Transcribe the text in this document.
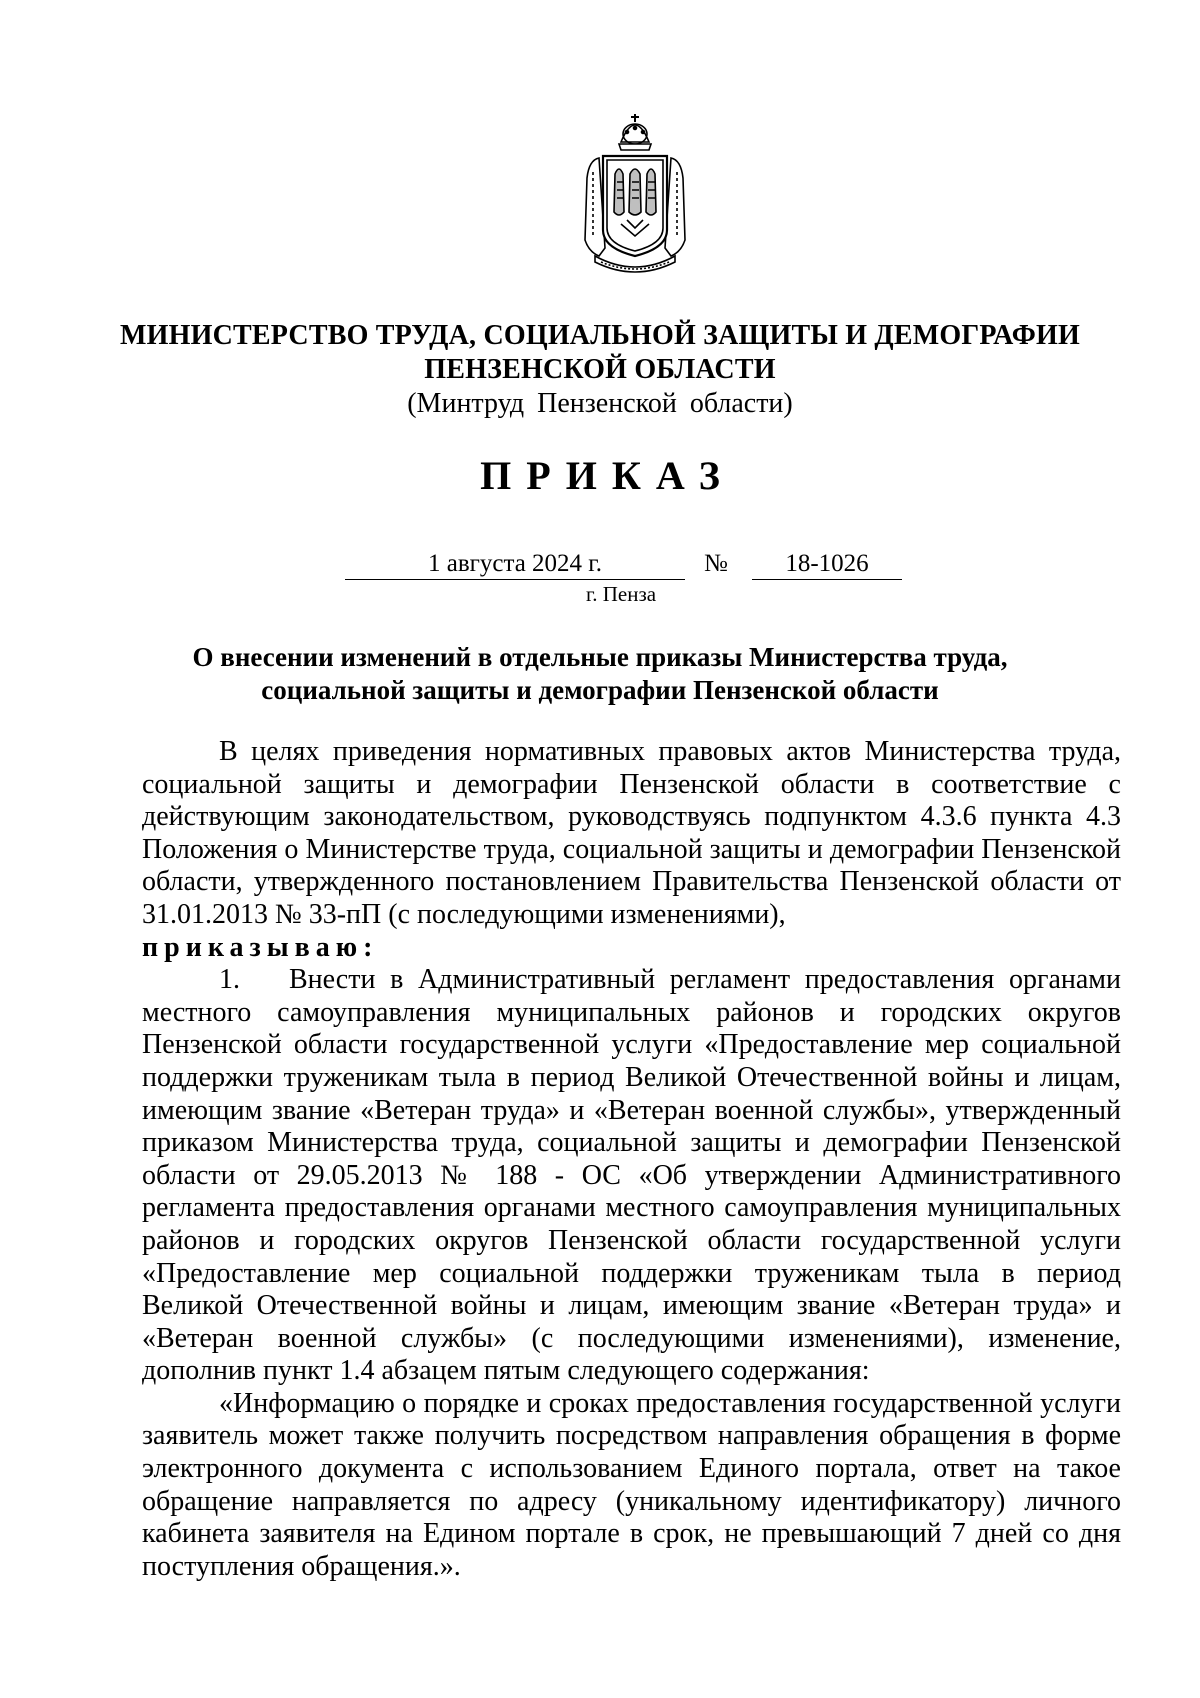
МИНИСТЕРСТВО ТРУДА, СОЦИАЛЬНОЙ ЗАЩИТЫ И ДЕМОГРАФИИ
ПЕНЗЕНСКОЙ ОБЛАСТИ
(Минтруд Пензенской области)
ПРИКАЗ
1 августа 2024 г.	№	18-1026
г. Пенза
О внесении изменений в отдельные приказы Министерства труда,
социальной защиты и демографии Пензенской области

В целях приведения нормативных правовых актов Министерства труда, социальной защиты и демографии Пензенской области в соответствие с действующим законодательством, руководствуясь подпунктом 4.3.6 пункта 4.3 Положения о Министерстве труда, социальной защиты и демографии Пензенской области, утвержденного постановлением Правительства Пензенской области от 31.01.2013 № 33-пП (с последующими изменениями),

приказываю:

1. Внести в Административный регламент предоставления органами местного самоуправления муниципальных районов и городских округов Пензенской области государственной услуги «Предоставление мер социальной поддержки труженикам тыла в период Великой Отечественной войны и лицам, имеющим звание «Ветеран труда» и «Ветеран военной службы», утвержденный приказом Министерства труда, социальной защиты и демографии Пензенской области от 29.05.2013 № 188 - ОС «Об утверждении Административного регламента предоставления органами местного самоуправления муниципальных районов и городских округов Пензенской области государственной услуги «Предоставление мер социальной поддержки труженикам тыла в период Великой Отечественной войны и лицам, имеющим звание «Ветеран труда» и «Ветеран военной службы» (с последующими изменениями), изменение, дополнив пункт 1.4 абзацем пятым следующего содержания:

«Информацию о порядке и сроках предоставления государственной услуги заявитель может также получить посредством направления обращения в форме электронного документа с использованием Единого портала, ответ на такое обращение направляется по адресу (уникальному идентификатору) личного кабинета заявителя на Едином портале в срок, не превышающий 7 дней со дня поступления обращения.».
